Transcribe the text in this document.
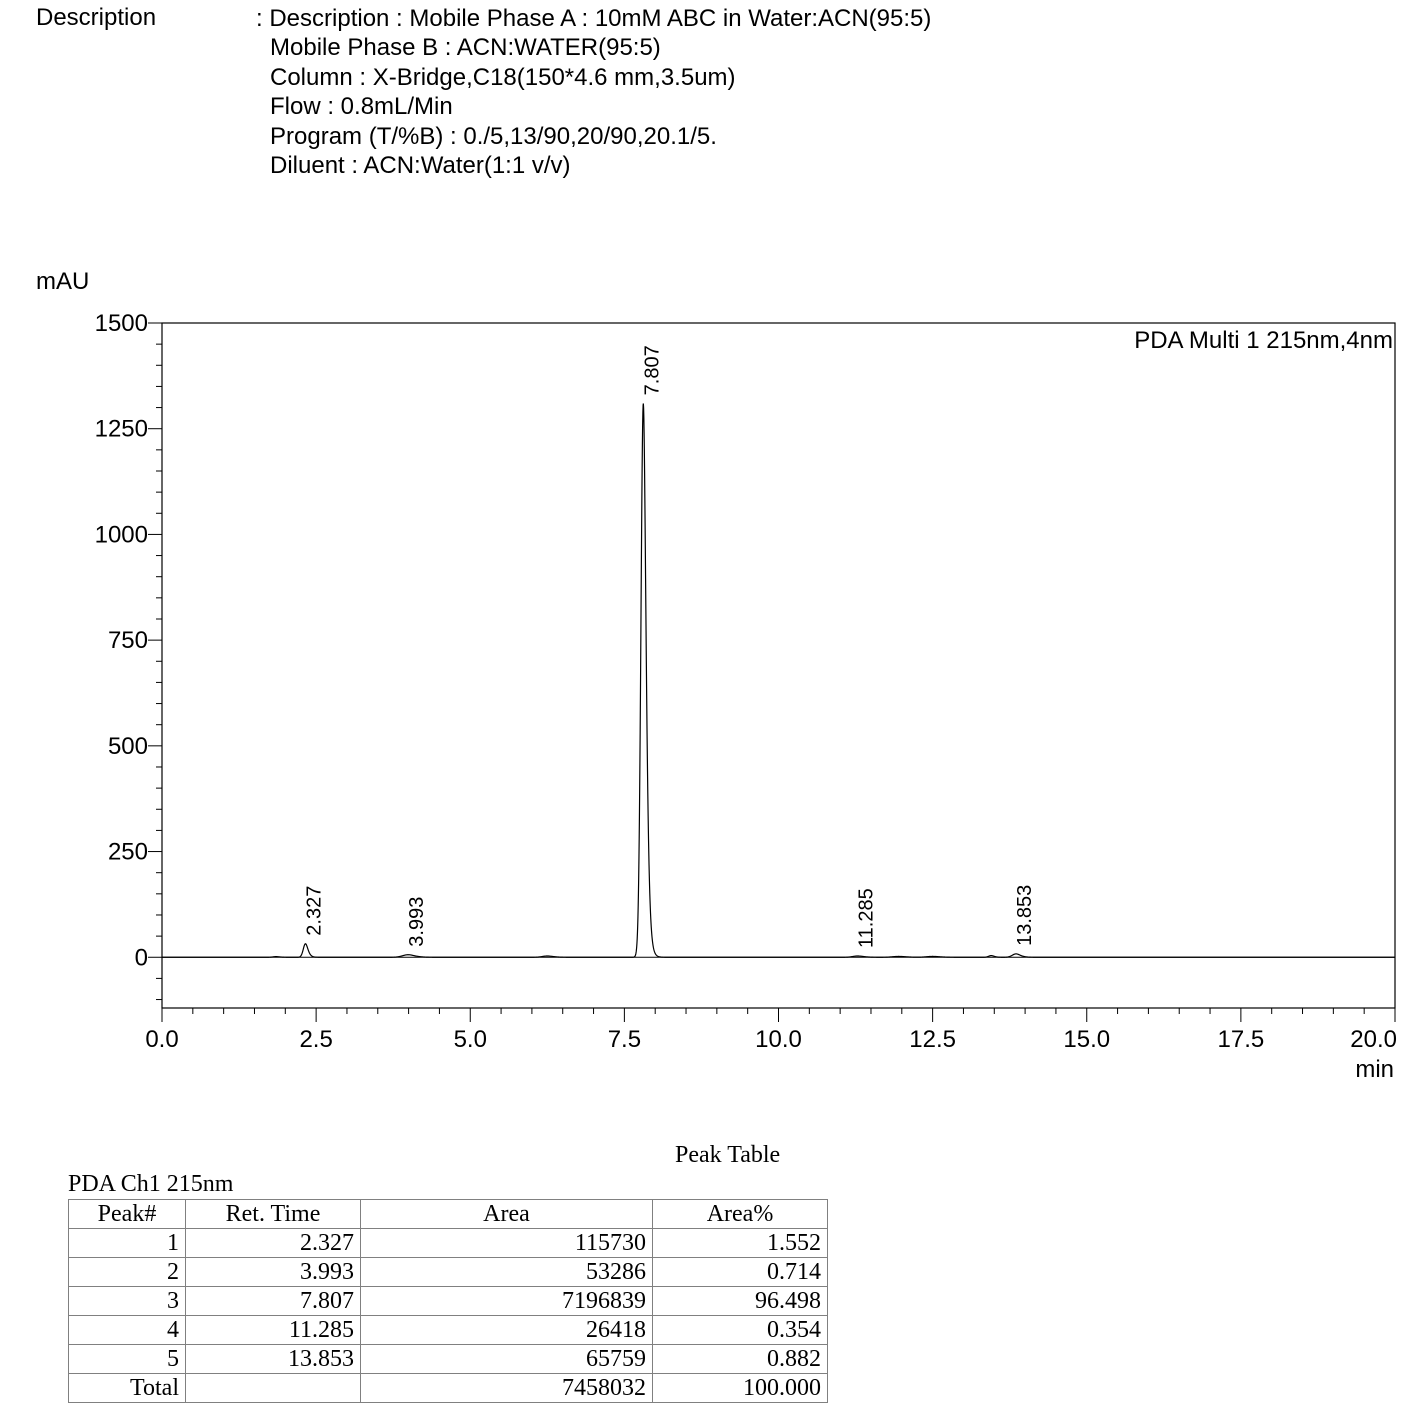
Description	: Description : Mobile Phase A : 10mM ABC in Water:ACN(95:5)
Mobile Phase B : ACN:WATER(95:5)
Column : X-Bridge,C18(150*4.6 mm,3.5um)
Flow : 0.8mL/Min
Program (T/%B) : 0./5,13/90,20/90,20.1/5.
Diluent : ACN:Water(1:1 v/v)
mAU
min
PDA Multi 1 215nm,4nm
1500
1250
1000
750
500
250
0
0.0	2.5	5.0	7.5	10.0	12.5	15.0	17.5	20.0
2.327	3.993
7.807
11.285	13.853
Peak Table
PDA Ch1 215nm
Peak#	Ret. Time	Area	Area%
1	2.327	115730	1.552
2	3.993	53286	0.714
3	7.807	7196839	96.498
4	11.285	26418	0.354
5	13.853	65759	0.882
Total		7458032	100.000
